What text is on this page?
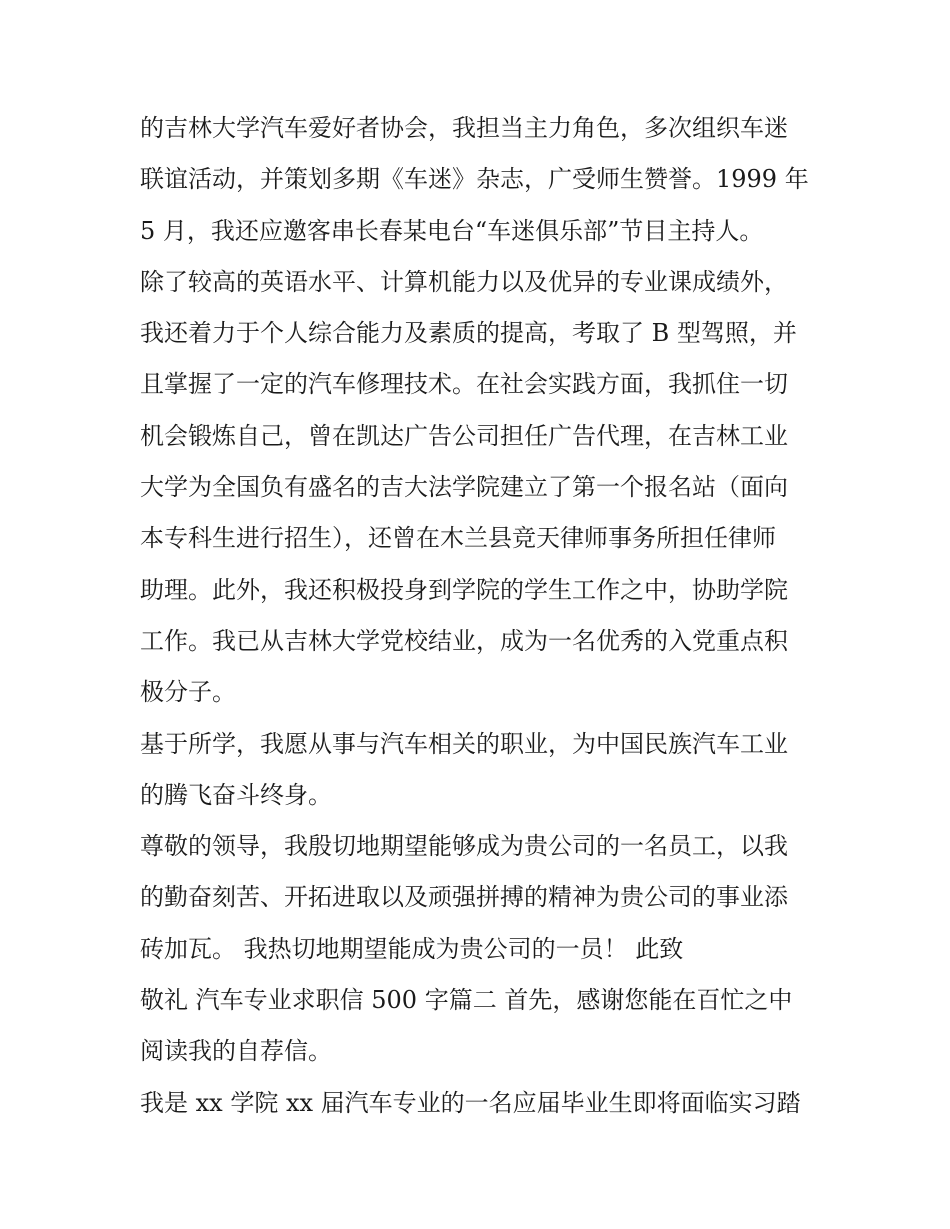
的吉林大学汽车爱好者协会，我担当主力角色，多次组织车迷
联谊活动，并策划多期《车迷》杂志，广受师生赞誉。1999 年
5 月，我还应邀客串长春某电台“车迷俱乐部”节目主持人。
除了较高的英语水平、计算机能力以及优异的专业课成绩外，
我还着力于个人综合能力及素质的提高，考取了 B 型驾照，并
且掌握了一定的汽车修理技术。在社会实践方面，我抓住一切
机会锻炼自己，曾在凯达广告公司担任广告代理，在吉林工业
大学为全国负有盛名的吉大法学院建立了第一个报名站（面向
本专科生进行招生），还曾在木兰县竞天律师事务所担任律师
助理。此外，我还积极投身到学院的学生工作之中，协助学院
工作。我已从吉林大学党校结业，成为一名优秀的入党重点积
极分子。
基于所学，我愿从事与汽车相关的职业，为中国民族汽车工业
的腾飞奋斗终身。
尊敬的领导，我殷切地期望能够成为贵公司的一名员工，以我
的勤奋刻苦、开拓进取以及顽强拼搏的精神为贵公司的事业添
砖加瓦。 我热切地期望能成为贵公司的一员！ 此致
敬礼 汽车专业求职信 500 字篇二 首先，感谢您能在百忙之中
阅读我的自荐信。
我是 xx 学院 xx 届汽车专业的一名应届毕业生即将面临实习踏
